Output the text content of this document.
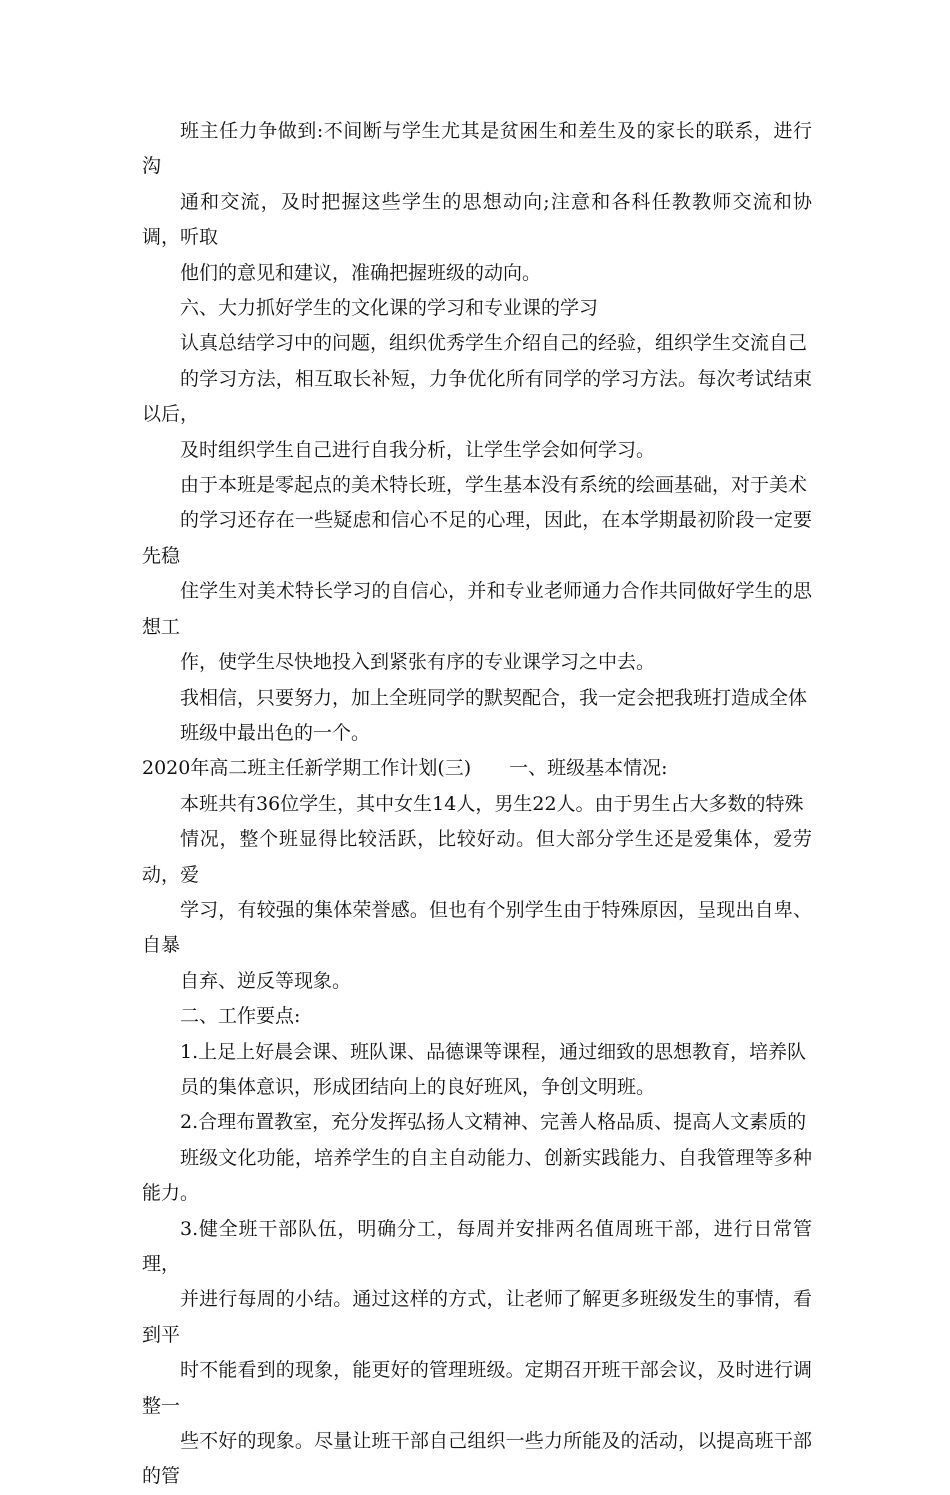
班主任力争做到:不间断与学生尤其是贫困生和差生及的家长的联系，进行沟
通和交流，及时把握这些学生的思想动向;注意和各科任教教师交流和协调，听取
他们的意见和建议，准确把握班级的动向。

六、大力抓好学生的文化课的学习和专业课的学习

认真总结学习中的问题，组织优秀学生介绍自己的经验，组织学生交流自己
的学习方法，相互取长补短，力争优化所有同学的学习方法。每次考试结束以后，
及时组织学生自己进行自我分析，让学生学会如何学习。

由于本班是零起点的美术特长班，学生基本没有系统的绘画基础，对于美术
的学习还存在一些疑虑和信心不足的心理，因此，在本学期最初阶段一定要先稳
住学生对美术特长学习的自信心，并和专业老师通力合作共同做好学生的思想工
作，使学生尽快地投入到紧张有序的专业课学习之中去。

我相信，只要努力，加上全班同学的默契配合，我一定会把我班打造成全体
班级中最出色的一个。

2020年高二班主任新学期工作计划(三)　　一、班级基本情况:

本班共有36位学生，其中女生14人，男生22人。由于男生占大多数的特殊
情况，整个班显得比较活跃，比较好动。但大部分学生还是爱集体，爱劳动，爱
学习，有较强的集体荣誉感。但也有个别学生由于特殊原因，呈现出自卑、自暴
自弃、逆反等现象。

二、工作要点:

1.上足上好晨会课、班队课、品德课等课程，通过细致的思想教育，培养队
员的集体意识，形成团结向上的良好班风，争创文明班。

2.合理布置教室，充分发挥弘扬人文精神、完善人格品质、提高人文素质的
班级文化功能，培养学生的自主自动能力、创新实践能力、自我管理等多种能力。

3.健全班干部队伍，明确分工，每周并安排两名值周班干部，进行日常管理，
并进行每周的小结。通过这样的方式，让老师了解更多班级发生的事情，看到平
时不能看到的现象，能更好的管理班级。定期召开班干部会议，及时进行调整一
些不好的现象。尽量让班干部自己组织一些力所能及的活动，以提高班干部的管
